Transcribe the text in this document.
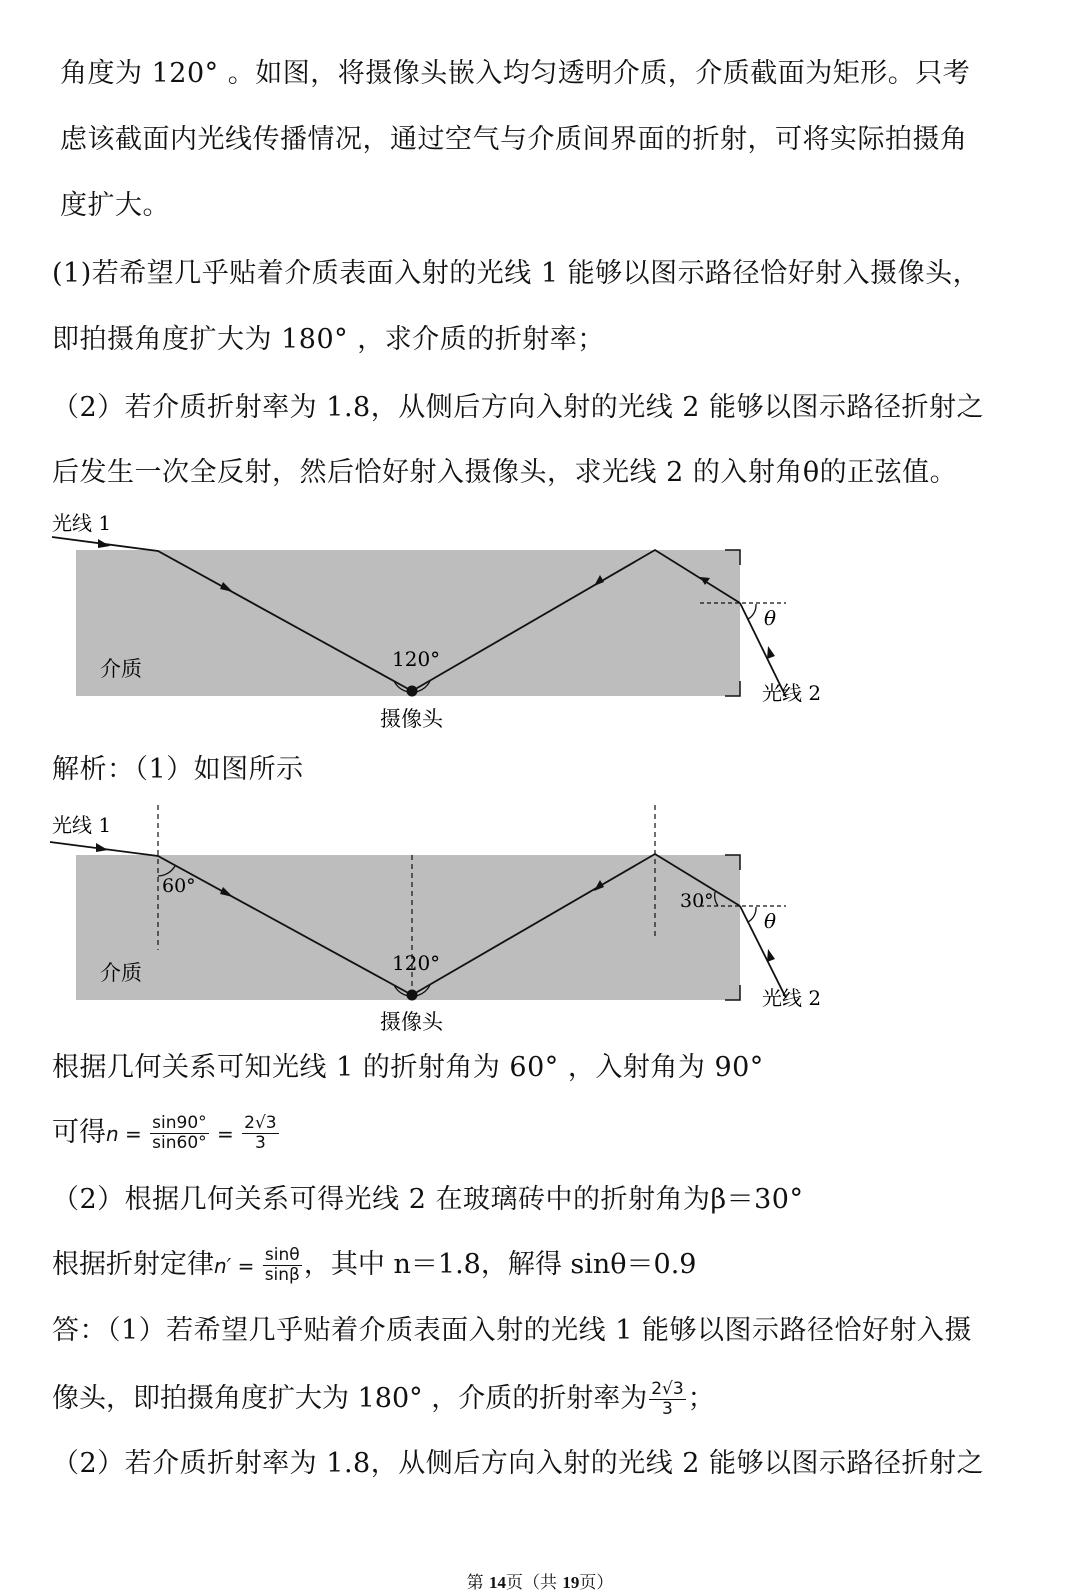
角度为 120° 。如图，将摄像头嵌入均匀透明介质，介质截面为矩形。只考
虑该截面内光线传播情况，通过空气与介质间界面的折射，可将实际拍摄角
度扩大。
(1)若希望几乎贴着介质表面入射的光线 1 能够以图示路径恰好射入摄像头，
即拍摄角度扩大为 180° ，求介质的折射率；
（2）若介质折射率为 1.8，从侧后方向入射的光线 2 能够以图示路径折射之
后发生一次全反射，然后恰好射入摄像头，求光线 2 的入射角θ的正弦值。
120°
θ
光线 1
介质
摄像头
光线 2
解析：（1）如图所示
60°
30°
θ
120°
光线 1
介质
摄像头
光线 2
根据几何关系可知光线 1 的折射角为 60° ，入射角为 90°
可得$n = \frac{\sin 90^\circ}{\sin 60^\circ} = \frac{2√3}{3}$
（2）根据几何关系可得光线 2 在玻璃砖中的折射角为β＝30°
根据折射定律$n' = \frac{\sin\theta}{\sin\beta}$ ，其中 n＝1.8，解得 sinθ＝0.9
答：（1）若希望几乎贴着介质表面入射的光线 1 能够以图示路径恰好射入摄
像头，即拍摄角度扩大为 180° ，介质的折射率为 $\frac{2√3}{3}$ ；
（2）若介质折射率为 1.8，从侧后方向入射的光线 2 能够以图示路径折射之
第 14页（共 19页）
